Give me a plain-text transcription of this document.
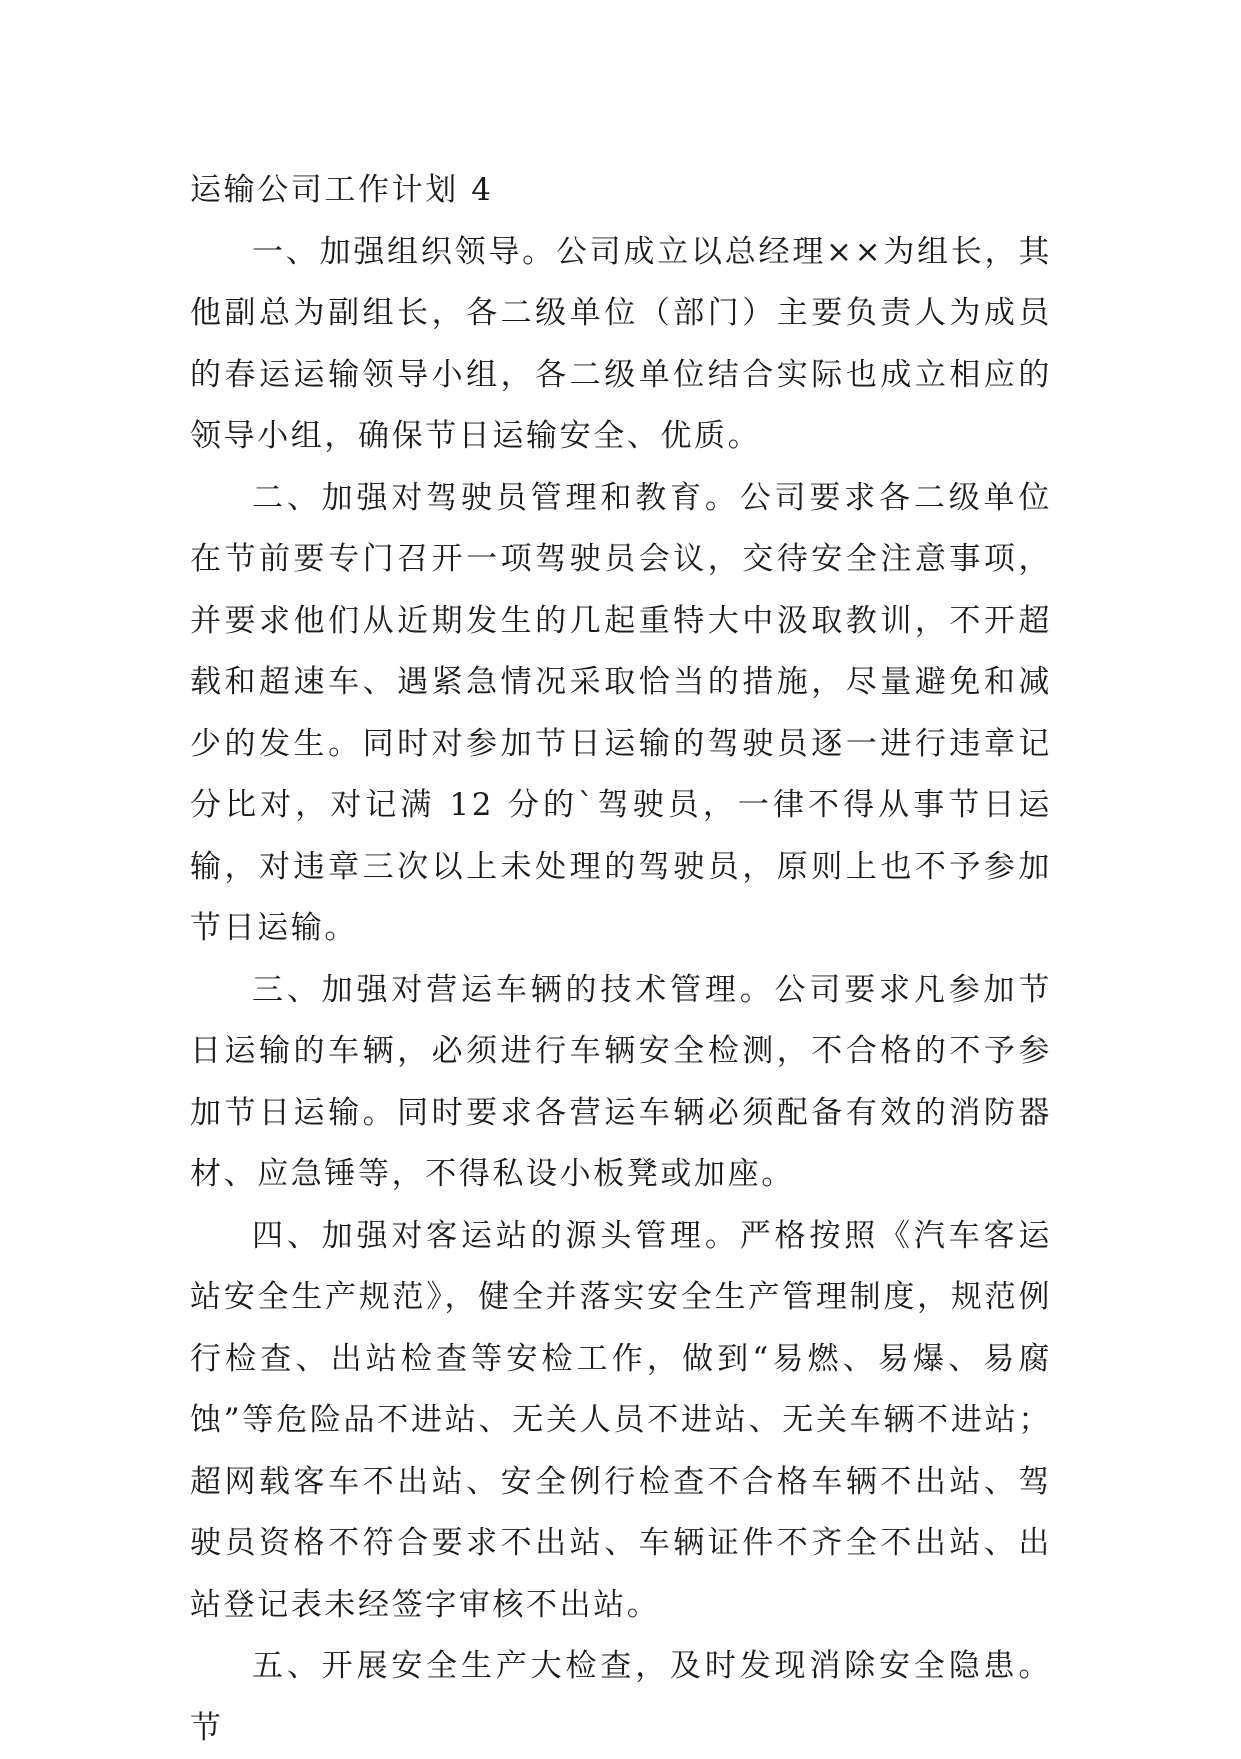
运输公司工作计划 4

一、加强组织领导。公司成立以总经理××为组长，其他副总为副组长，各二级单位（部门）主要负责人为成员的春运运输领导小组，各二级单位结合实际也成立相应的领导小组，确保节日运输安全、优质。

二、加强对驾驶员管理和教育。公司要求各二级单位在节前要专门召开一项驾驶员会议，交待安全注意事项，并要求他们从近期发生的几起重特大中汲取教训，不开超载和超速车、遇紧急情况采取恰当的措施，尽量避免和减少的发生。同时对参加节日运输的驾驶员逐一进行违章记分比对，对记满 12 分的`驾驶员，一律不得从事节日运输，对违章三次以上未处理的驾驶员，原则上也不予参加节日运输。

三、加强对营运车辆的技术管理。公司要求凡参加节日运输的车辆，必须进行车辆安全检测，不合格的不予参加节日运输。同时要求各营运车辆必须配备有效的消防器材、应急锤等，不得私设小板凳或加座。

四、加强对客运站的源头管理。严格按照《汽车客运站安全生产规范》，健全并落实安全生产管理制度，规范例行检查、出站检查等安检工作，做到“易燃、易爆、易腐蚀”等危险品不进站、无关人员不进站、无关车辆不进站；超网载客车不出站、安全例行检查不合格车辆不出站、驾驶员资格不符合要求不出站、车辆证件不齐全不出站、出站登记表未经签字审核不出站。

五、开展安全生产大检查，及时发现消除安全隐患。节
